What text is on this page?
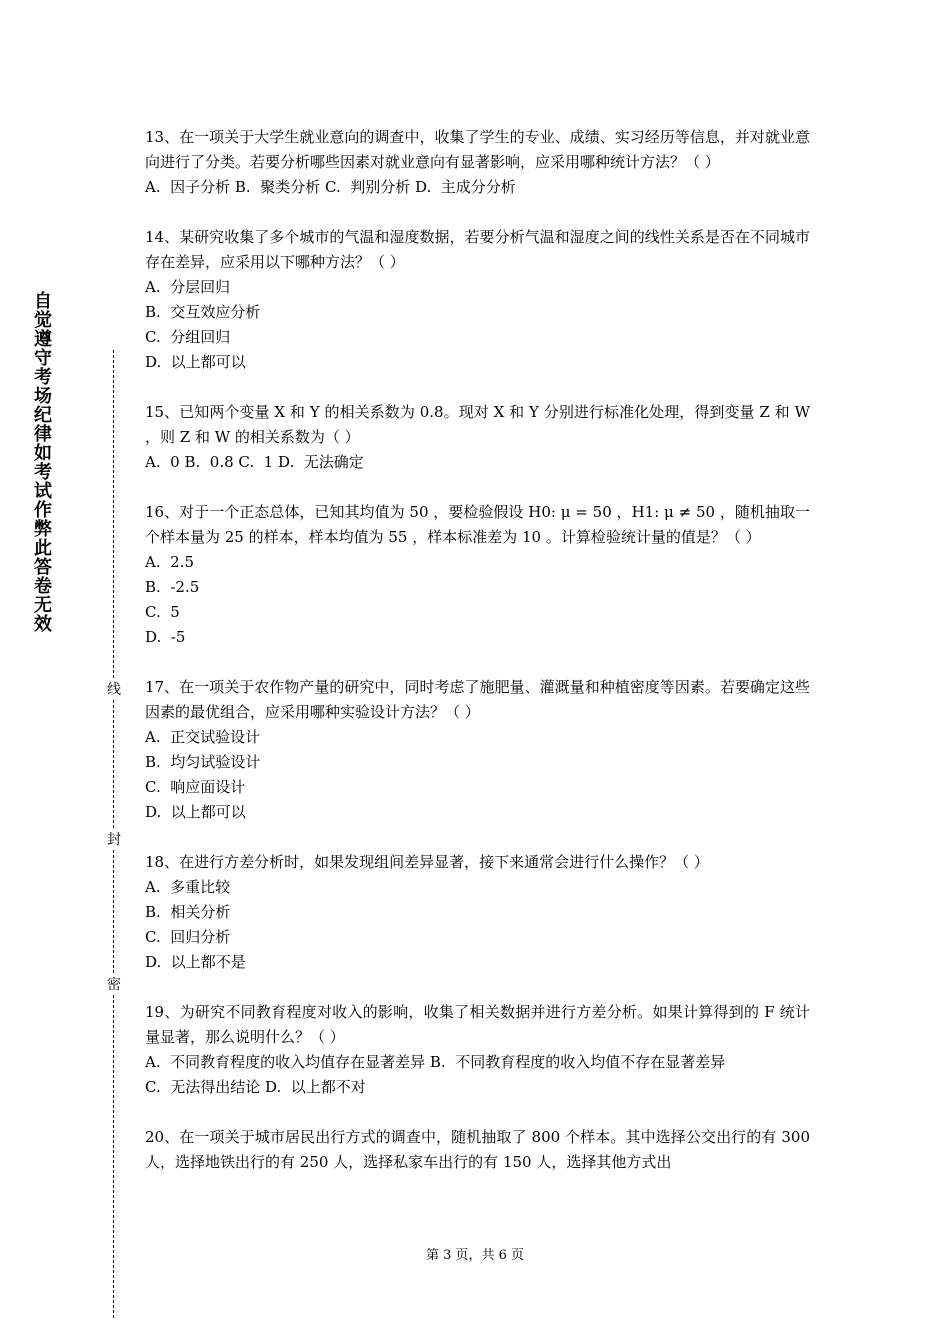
自觉遵守考场纪律如考试作弊此答卷无效
线
封
密

13、在一项关于大学生就业意向的调查中，收集了学生的专业、成绩、实习经历等信息，并对就业意向进行了分类。若要分析哪些因素对就业意向有显著影响，应采用哪种统计方法？（ ）

A.  因子分析 B.  聚类分析 C.  判别分析 D.  主成分分析

14、某研究收集了多个城市的气温和湿度数据，若要分析气温和湿度之间的线性关系是否在不同城市存在差异，应采用以下哪种方法？（ ）

A.  分层回归

B.  交互效应分析

C.  分组回归

D.  以上都可以

15、已知两个变量 X 和 Y 的相关系数为 0.8。现对 X 和 Y 分别进行标准化处理，得到变量 Z 和 W ，则 Z 和 W 的相关系数为（ ）

A.  0 B.  0.8 C.  1 D.  无法确定

16、对于一个正态总体，已知其均值为 50 ，要检验假设 H0: μ = 50 ，H1: μ ≠ 50 ，随机抽取一个样本量为 25 的样本，样本均值为 55 ，样本标准差为 10 。计算检验统计量的值是？（ ）

A.  2.5

B.  -2.5

C.  5

D.  -5

17、在一项关于农作物产量的研究中，同时考虑了施肥量、灌溉量和种植密度等因素。若要确定这些因素的最优组合，应采用哪种实验设计方法？（ ）

A.  正交试验设计

B.  均匀试验设计

C.  响应面设计

D.  以上都可以

18、在进行方差分析时，如果发现组间差异显著，接下来通常会进行什么操作？（ ）

A.  多重比较

B.  相关分析

C.  回归分析

D.  以上都不是

19、为研究不同教育程度对收入的影响，收集了相关数据并进行方差分析。如果计算得到的 F 统计量显著，那么说明什么？（ ）

A.  不同教育程度的收入均值存在显著差异 B.  不同教育程度的收入均值不存在显著差异

C.  无法得出结论 D.  以上都不对

20、在一项关于城市居民出行方式的调查中，随机抽取了 800 个样本。其中选择公交出行的有 300 人，选择地铁出行的有 250 人，选择私家车出行的有 150 人，选择其他方式出

第 3 页，共 6 页
